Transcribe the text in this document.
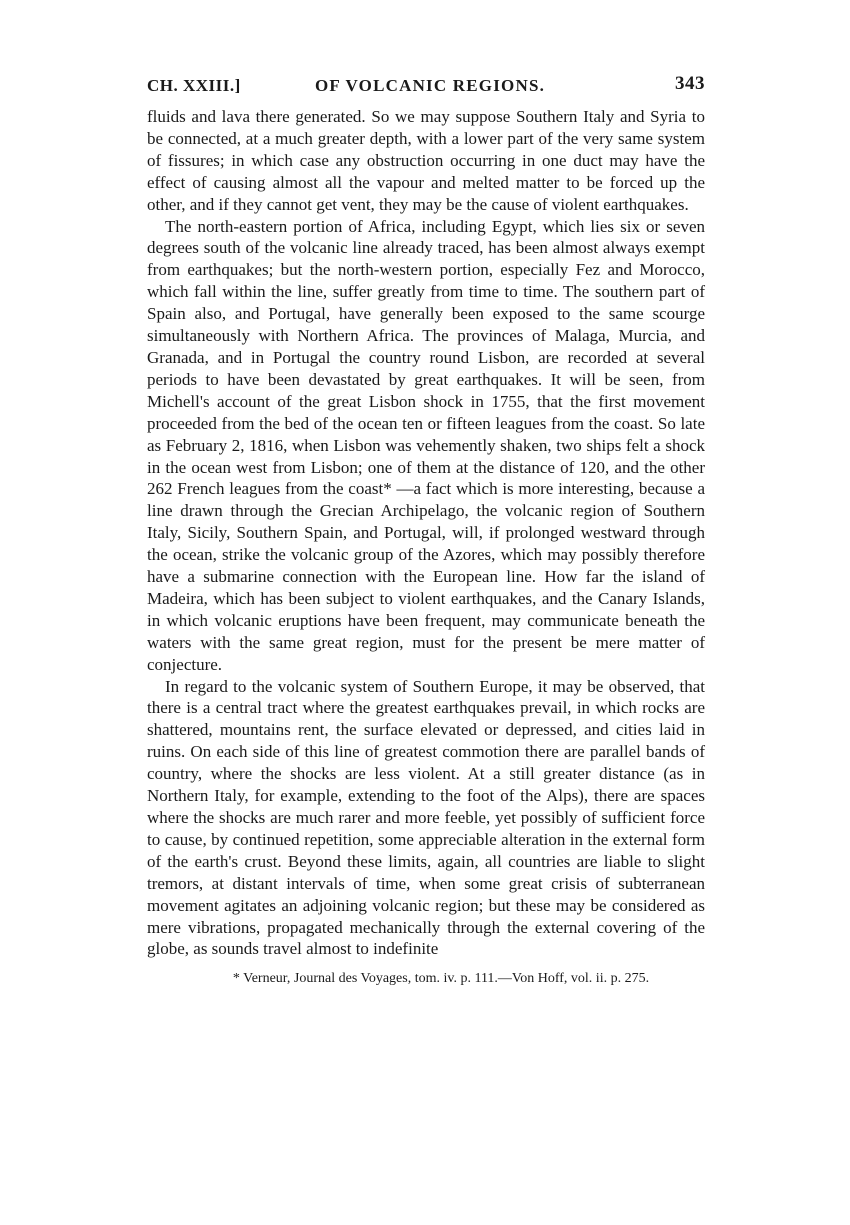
CH. XXIII.]	OF VOLCANIC REGIONS.	343

fluids and lava there generated. So we may suppose Southern Italy and Syria to be connected, at a much greater depth, with a lower part of the very same system of fissures; in which case any obstruction occurring in one duct may have the effect of causing almost all the vapour and melted matter to be forced up the other, and if they cannot get vent, they may be the cause of violent earthquakes.

The north-eastern portion of Africa, including Egypt, which lies six or seven degrees south of the volcanic line already traced, has been almost always exempt from earthquakes; but the north-western portion, especially Fez and Morocco, which fall within the line, suffer greatly from time to time. The southern part of Spain also, and Portugal, have generally been exposed to the same scourge simultaneously with Northern Africa. The provinces of Malaga, Murcia, and Granada, and in Portugal the country round Lisbon, are recorded at several periods to have been devastated by great earthquakes. It will be seen, from Michell's account of the great Lisbon shock in 1755, that the first movement proceeded from the bed of the ocean ten or fifteen leagues from the coast. So late as February 2, 1816, when Lisbon was vehemently shaken, two ships felt a shock in the ocean west from Lisbon; one of them at the distance of 120, and the other 262 French leagues from the coast* —a fact which is more interesting, because a line drawn through the Grecian Archipelago, the volcanic region of Southern Italy, Sicily, Southern Spain, and Portugal, will, if prolonged westward through the ocean, strike the volcanic group of the Azores, which may possibly therefore have a submarine connection with the European line. How far the island of Madeira, which has been subject to violent earthquakes, and the Canary Islands, in which volcanic eruptions have been frequent, may communicate beneath the waters with the same great region, must for the present be mere matter of conjecture.

In regard to the volcanic system of Southern Europe, it may be observed, that there is a central tract where the greatest earthquakes prevail, in which rocks are shattered, mountains rent, the surface elevated or depressed, and cities laid in ruins. On each side of this line of greatest commotion there are parallel bands of country, where the shocks are less violent. At a still greater distance (as in Northern Italy, for example, extending to the foot of the Alps), there are spaces where the shocks are much rarer and more feeble, yet possibly of sufficient force to cause, by continued repetition, some appreciable alteration in the external form of the earth's crust. Beyond these limits, again, all countries are liable to slight tremors, at distant intervals of time, when some great crisis of subterranean movement agitates an adjoining volcanic region; but these may be considered as mere vibrations, propagated mechanically through the external covering of the globe, as sounds travel almost to indefinite

* Verneur, Journal des Voyages, tom. iv. p. 111.—Von Hoff, vol. ii. p. 275.
